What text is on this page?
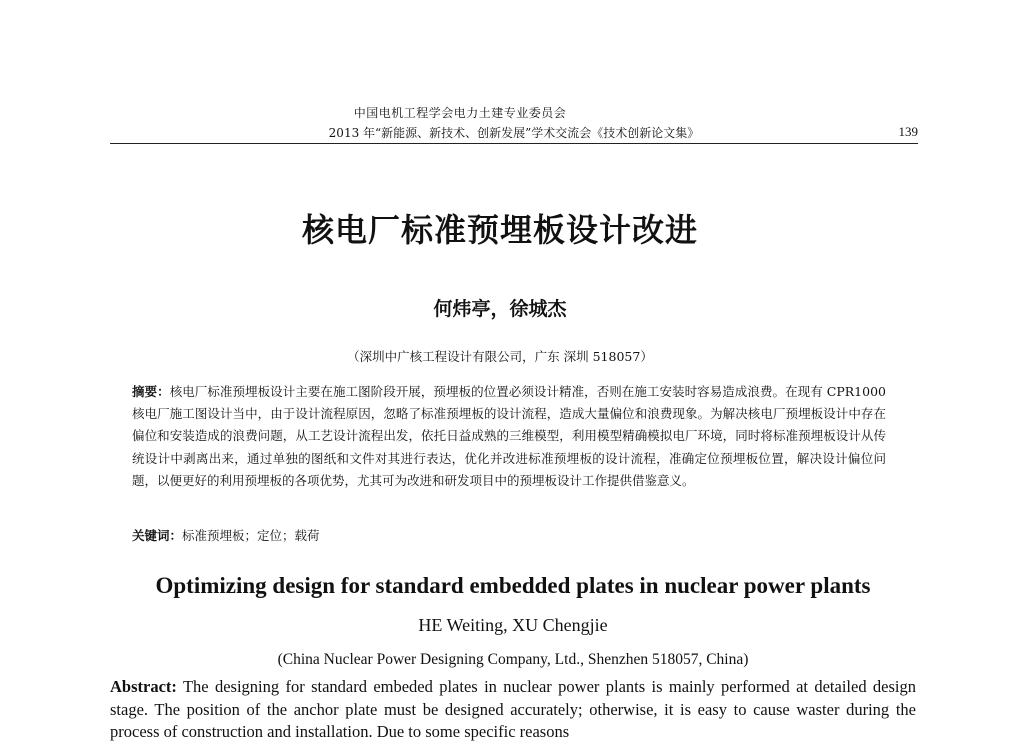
中国电机工程学会电力土建专业委员会
2013 年“新能源、新技术、创新发展”学术交流会《技术创新论文集》	139
核电厂标准预埋板设计改进
何炜亭，徐城杰
（深圳中广核工程设计有限公司，广东 深圳 518057）
摘要：核电厂标准预埋板设计主要在施工图阶段开展，预埋板的位置必须设计精准，否则在施工安装时容易造成浪费。在现有 CPR1000 核电厂施工图设计当中，由于设计流程原因，忽略了标准预埋板的设计流程，造成大量偏位和浪费现象。为解决核电厂预埋板设计中存在偏位和安装造成的浪费问题，从工艺设计流程出发，依托日益成熟的三维模型，利用模型精确模拟电厂环境，同时将标准预埋板设计从传统设计中剥离出来，通过单独的图纸和文件对其进行表达，优化并改进标准预埋板的设计流程，准确定位预埋板位置，解决设计偏位问题，以便更好的利用预埋板的各项优势，尤其可为改进和研发项目中的预埋板设计工作提供借鉴意义。
关键词：标准预埋板；定位；载荷
Optimizing design for standard embedded plates in nuclear power plants
HE Weiting, XU Chengjie
(China Nuclear Power Designing Company, Ltd., Shenzhen 518057, China)
Abstract: The designing for standard embeded plates in nuclear power plants is mainly performed at detailed design stage. The position of the anchor plate must be designed accurately; otherwise, it is easy to cause waster during the process of construction and installation. Due to some specific reasons
